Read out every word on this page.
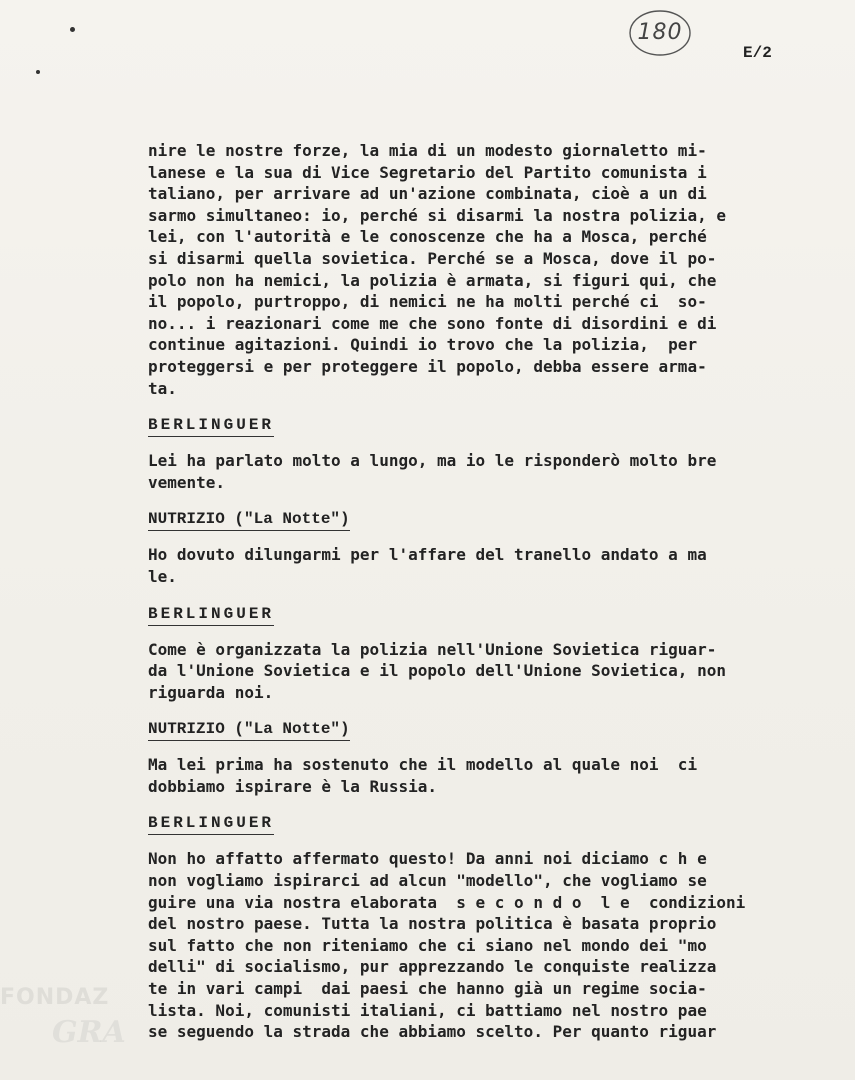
180
E/2
nire le nostre forze, la mia di un modesto giornaletto mi-
lanese e la sua di Vice Segretario del Partito comunista i
taliano, per arrivare ad un'azione combinata, cioè a un di
sarmo simultaneo: io, perché si disarmi la nostra polizia, e
lei, con l'autorità e le conoscenze che ha a Mosca, perché
si disarmi quella sovietica. Perché se a Mosca, dove il po-
polo non ha nemici, la polizia è armata, si figuri qui, che
il popolo, purtroppo, di nemici ne ha molti perché ci  so-
no... i reazionari come me che sono fonte di disordini e di
continue agitazioni. Quindi io trovo che la polizia,  per
proteggersi e per proteggere il popolo, debba essere arma-
ta.
BERLINGUER
Lei ha parlato molto a lungo, ma io le risponderò molto bre
vemente.
NUTRIZIO ("La Notte")
Ho dovuto dilungarmi per l'affare del tranello andato a ma
le.
BERLINGUER
Come è organizzata la polizia nell'Unione Sovietica riguar-
da l'Unione Sovietica e il popolo dell'Unione Sovietica, non
riguarda noi.
NUTRIZIO ("La Notte")
Ma lei prima ha sostenuto che il modello al quale noi  ci
dobbiamo ispirare è la Russia.
BERLINGUER
Non ho affatto affermato questo! Da anni noi diciamo c h e
non vogliamo ispirarci ad alcun "modello", che vogliamo se
guire una via nostra elaborata  s e c o n d o  l e  condizioni
del nostro paese. Tutta la nostra politica è basata proprio
sul fatto che non riteniamo che ci siano nel mondo dei "mo
delli" di socialismo, pur apprezzando le conquiste realizza
te in vari campi  dai paesi che hanno già un regime socia-
lista. Noi, comunisti italiani, ci battiamo nel nostro pae
se seguendo la strada che abbiamo scelto. Per quanto riguar
FONDAZ
GRA
